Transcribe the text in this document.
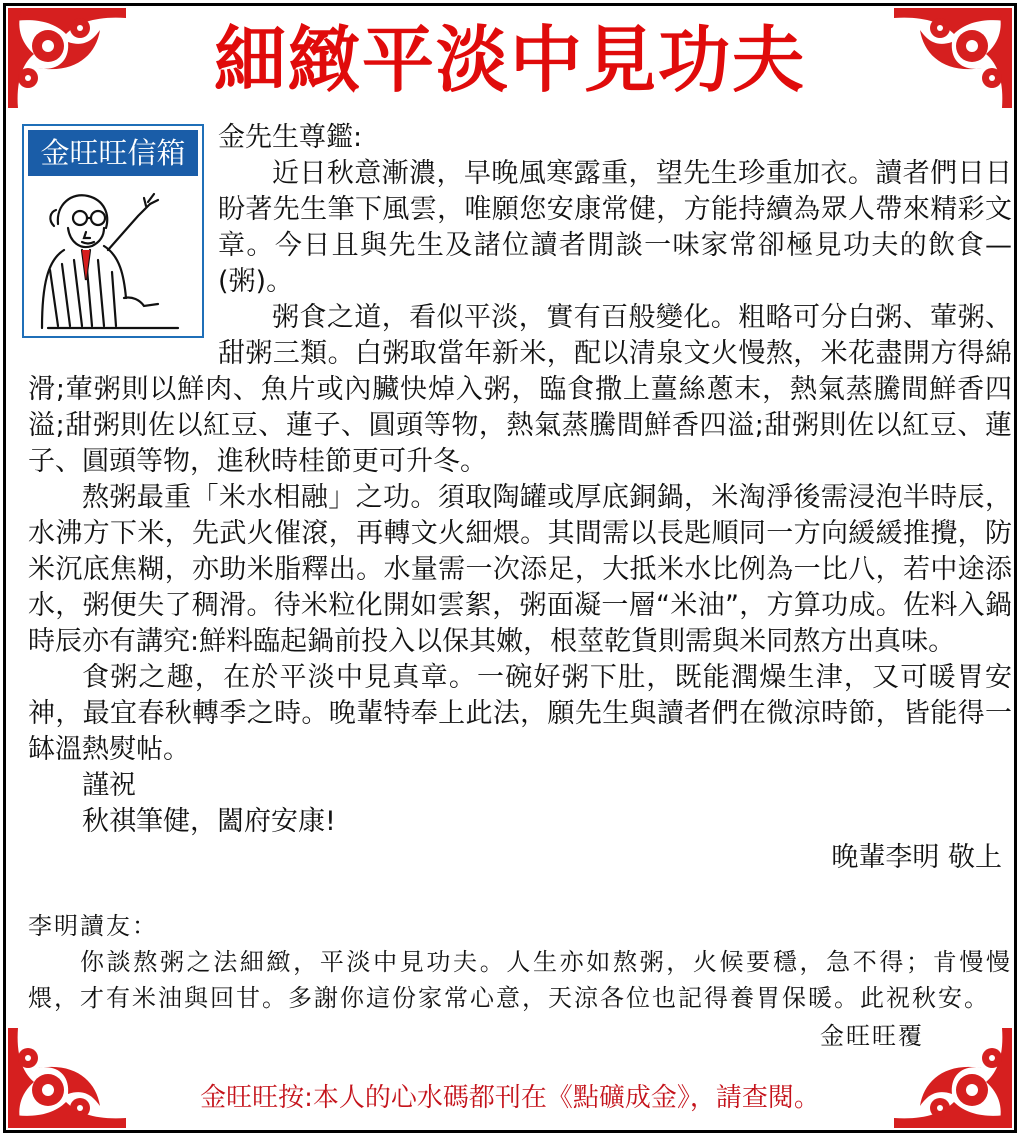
細緻平淡中見功夫
金旺旺信箱	金先生尊鑑:

近日秋意漸濃，早晚風寒露重，望先生珍重加衣。讀者們日日盼著先生筆下風雲，唯願您安康常健，方能持續為眾人帶來精彩文章。今日且與先生及諸位讀者閒談一味家常卻極見功夫的飲食—(粥)。

粥食之道，看似平淡，實有百般變化。粗略可分白粥、葷粥、甜粥三類。白粥取當年新米，配以清泉文火慢熬，米花盡開方得綿滑;葷粥則以鮮肉、魚片或內臟快焯入粥，臨食撒上薑絲蔥末，熱氣蒸騰間鮮香四溢;甜粥則佐以紅豆、蓮子、圓頭等物，熱氣蒸騰間鮮香四溢;甜粥則佐以紅豆、蓮子、圓頭等物，進秋時桂節更可升冬。

熬粥最重「米水相融」之功。須取陶罐或厚底銅鍋，米淘淨後需浸泡半時辰，水沸方下米，先武火催滾，再轉文火細煨。其間需以長匙順同一方向緩緩推攪，防米沉底焦糊，亦助米脂釋出。水量需一次添足，大抵米水比例為一比八，若中途添水，粥便失了稠滑。待米粒化開如雲絮，粥面凝一層“米油”，方算功成。佐料入鍋時辰亦有講究:鮮料臨起鍋前投入以保其嫩，根莖乾貨則需與米同熬方出真味。

食粥之趣，在於平淡中見真章。一碗好粥下肚，既能潤燥生津，又可暖胃安神，最宜春秋轉季之時。晚輩特奉上此法，願先生與讀者們在微涼時節，皆能得一缽溫熱熨帖。

謹祝

秋祺筆健，闔府安康!

晚輩李明 敬上

李明讀友：

你談熬粥之法細緻，平淡中見功夫。人生亦如熬粥，火候要穩，急不得；肯慢慢煨，才有米油與回甘。多謝你這份家常心意，天涼各位也記得養胃保暖。此祝秋安。

金旺旺覆

金旺旺按:本人的心水碼都刊在《點礦成金》，請查閱。
